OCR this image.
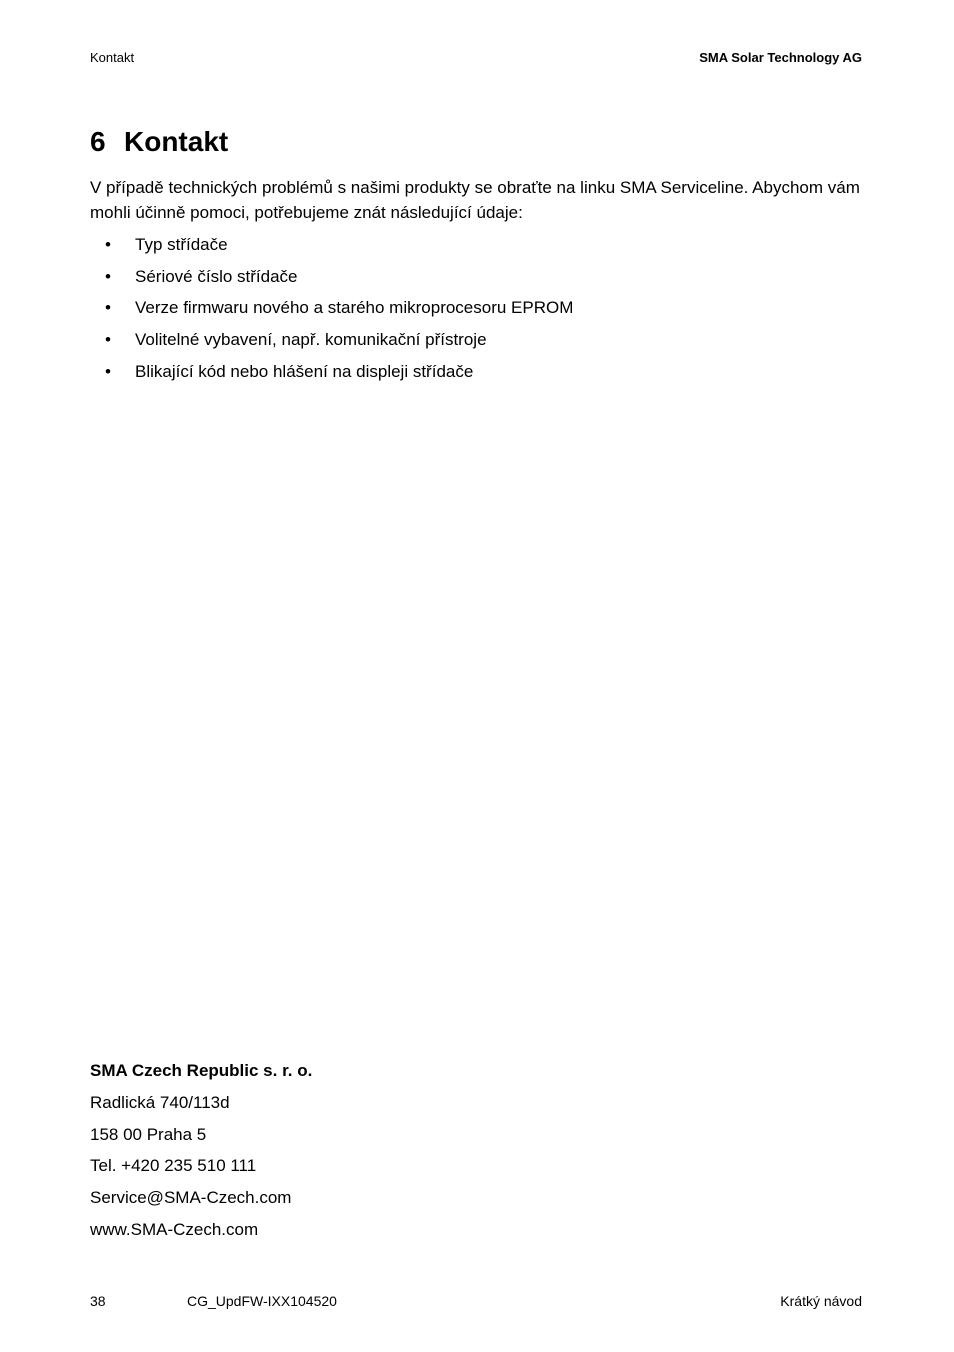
Kontakt	SMA Solar Technology AG
6 Kontakt

V případě technických problémů s našimi produkty se obraťte na linku SMA Serviceline. Abychom vám mohli účinně pomoci, potřebujeme znát následující údaje:

• Typ střídače
• Sériové číslo střídače
• Verze firmwaru nového a starého mikroprocesoru EPROM
• Volitelné vybavení, např. komunikační přístroje
• Blikající kód nebo hlášení na displeji střídače
SMA Czech Republic s. r. o.
Radlická 740/113d
158 00 Praha 5
Tel. +420 235 510 111
Service@SMA-Czech.com
www.SMA-Czech.com
38	CG_UpdFW-IXX104520	Krátký návod
